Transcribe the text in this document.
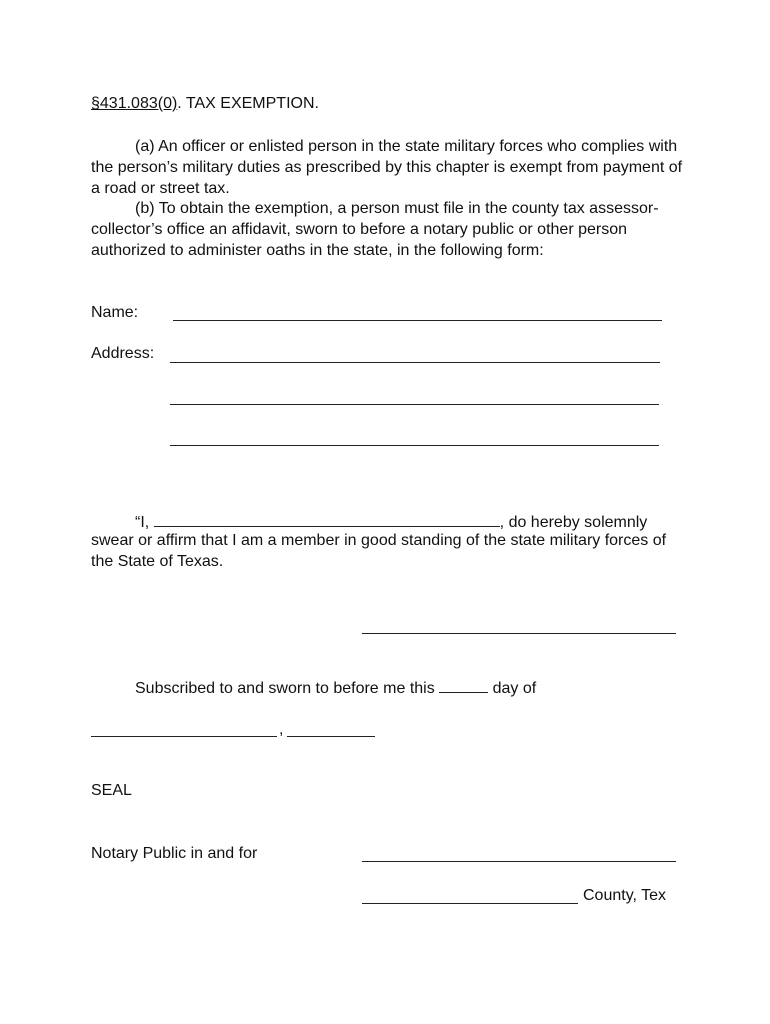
§431.083(0). TAX EXEMPTION.
(a) An officer or enlisted person in the state military forces who complies with the person’s military duties as prescribed by this chapter is exempt from payment of a road or street tax.
(b) To obtain the exemption, a person must file in the county tax assessor-collector’s office an affidavit, sworn to before a notary public or other person authorized to administer oaths in the state, in the following form:
Name:
Address:
“I,	, do hereby solemnly
swear or affirm that I am a member in good standing of the state military forces of the State of Texas.
Subscribed to and sworn to before me this	day of
,
SEAL
Notary Public in and for
County, Tex
